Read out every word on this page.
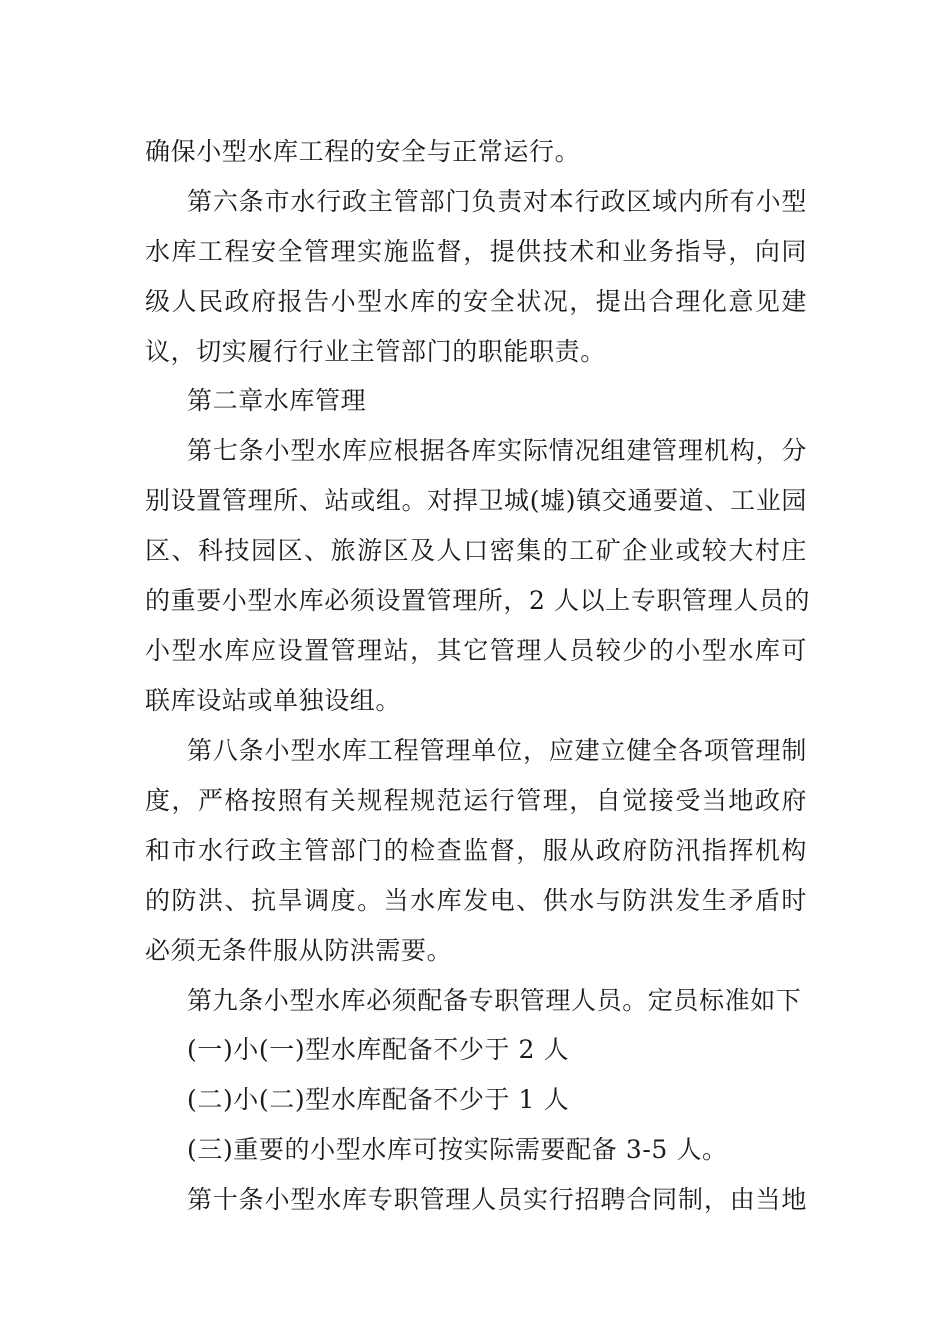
确保小型水库工程的安全与正常运行。
第六条市水行政主管部门负责对本行政区域内所有小型
水库工程安全管理实施监督，提供技术和业务指导，向同
级人民政府报告小型水库的安全状况，提出合理化意见建
议，切实履行行业主管部门的职能职责。
第二章水库管理
第七条小型水库应根据各库实际情况组建管理机构，分
别设置管理所、站或组。对捍卫城(墟)镇交通要道、工业园
区、科技园区、旅游区及人口密集的工矿企业或较大村庄
的重要小型水库必须设置管理所，2 人以上专职管理人员的
小型水库应设置管理站，其它管理人员较少的小型水库可
联库设站或单独设组。
第八条小型水库工程管理单位，应建立健全各项管理制
度，严格按照有关规程规范运行管理，自觉接受当地政府
和市水行政主管部门的检查监督，服从政府防汛指挥机构
的防洪、抗旱调度。当水库发电、供水与防洪发生矛盾时
必须无条件服从防洪需要。
第九条小型水库必须配备专职管理人员。定员标准如下
(一)小(一)型水库配备不少于 2 人
(二)小(二)型水库配备不少于 1 人
(三)重要的小型水库可按实际需要配备 3-5 人。
第十条小型水库专职管理人员实行招聘合同制，由当地
